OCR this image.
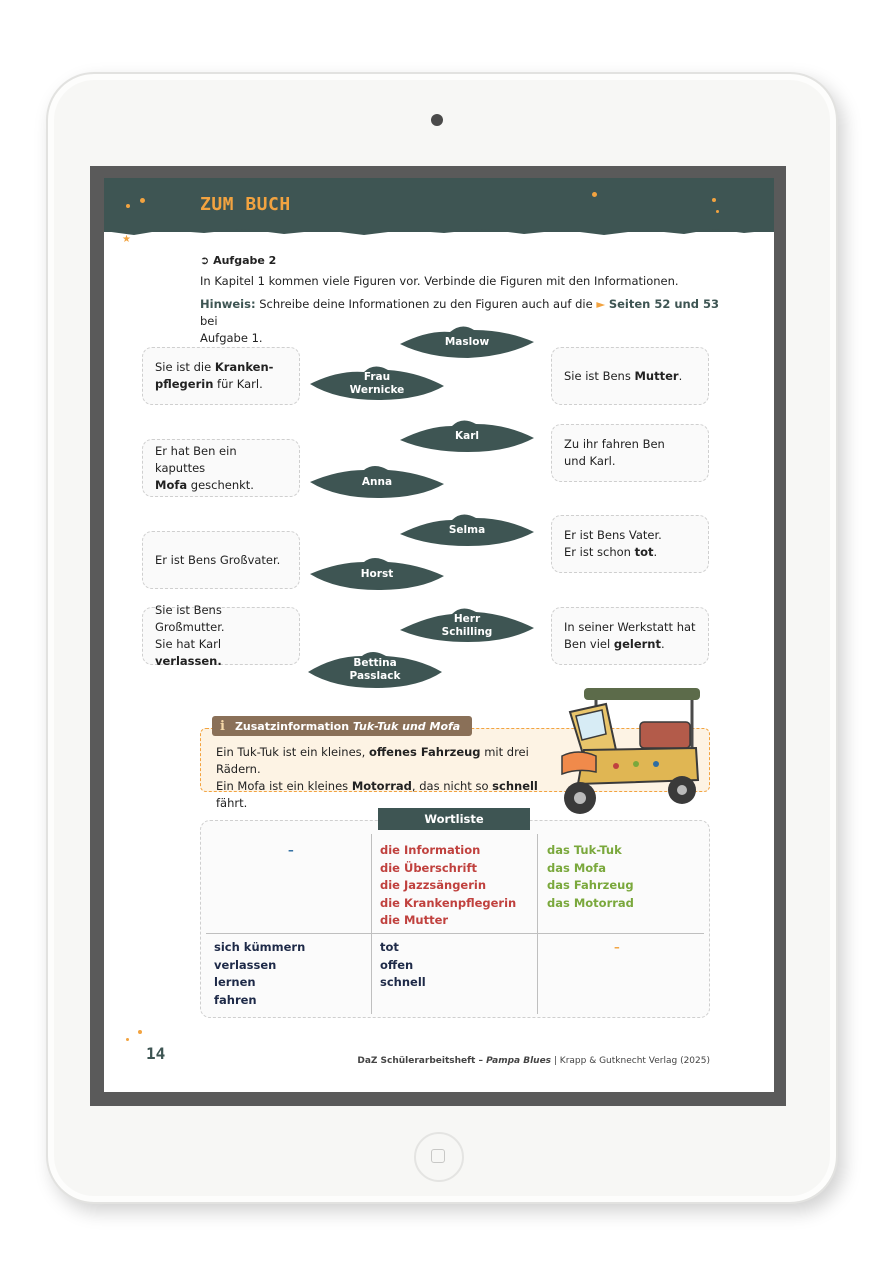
ZUM BUCH
★
➲ Aufgabe 2
In Kapitel 1 kommen viele Figuren vor. Verbinde die Figuren mit den Informationen.
Hinweis: Schreibe deine Informationen zu den Figuren auch auf die ► Seiten 52 und 53 bei
Aufgabe 1.
Sie ist die Kranken-
pflegerin für Karl.
Er hat Ben ein kaputtes
Mofa geschenkt.
Er ist Bens Großvater.
Sie ist Bens Großmutter.
Sie hat Karl verlassen.
Sie ist Bens Mutter.
Zu ihr fahren Ben
und Karl.
Er ist Bens Vater.
Er ist schon tot.
In seiner Werkstatt hat
Ben viel gelernt.
Maslow
Frau
Wernicke
Karl
Anna
Selma
Horst
Herr
Schilling
Bettina
Passlack
i Zusatzinformation
Tuk-Tuk und Mofa
Ein Tuk-Tuk ist ein kleines, offenes Fahrzeug mit drei Rädern.
Ein Mofa ist ein kleines Motorrad, das nicht so schnell fährt.
Wortliste
–	die Information
die Überschrift
die Jazzsängerin
die Krankenpflegerin
die Mutter
das Tuk-Tuk
das Mofa
das Fahrzeug
das Motorrad
sich kümmern
verlassen
lernen
fahren
tot
offen
schnell
–
14	DaZ Schülerarbeitsheft – Pampa Blues | Krapp & Gutknecht Verlag (2025)
